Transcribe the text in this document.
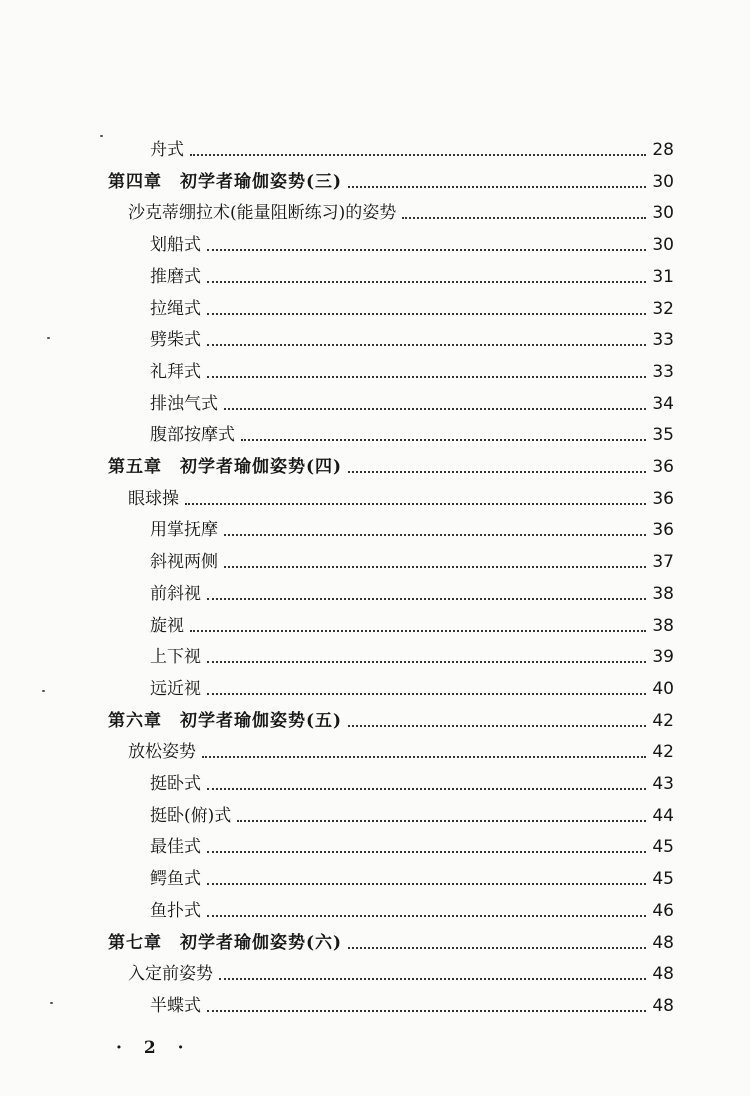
舟式	28
第四章　初学者瑜伽姿势(三)	30
沙克蒂绷拉术(能量阻断练习)的姿势	30
划船式	30
推磨式	31
拉绳式	32
劈柴式	33
礼拜式	33
排浊气式	34
腹部按摩式	35
第五章　初学者瑜伽姿势(四)	36
眼球操	36
用掌抚摩	36
斜视两侧	37
前斜视	38
旋视	38
上下视	39
远近视	40
第六章　初学者瑜伽姿势(五)	42
放松姿势	42
挺卧式	43
挺卧(俯)式	44
最佳式	45
鳄鱼式	45
鱼扑式	46
第七章　初学者瑜伽姿势(六)	48
入定前姿势	48
半蝶式	48
· 2 ·
